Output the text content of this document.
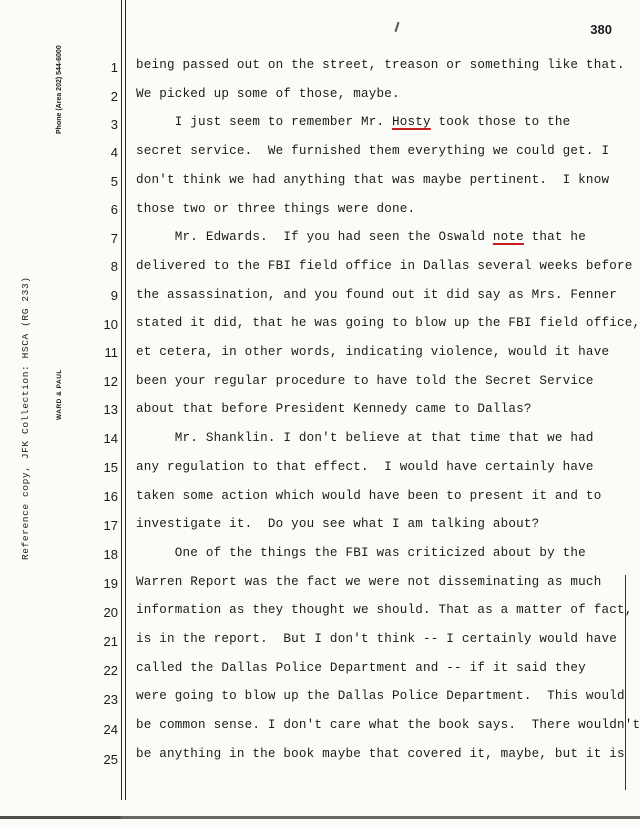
380
Phone (Area 202) 544-6000
Reference copy, JFK Collection: HSCA (RG 233)	WARD & PAUL
1
2
3
4
5
6
7
8
9
10
11
12
13
14
15
16
17
18
19
20
21
22
23
24
25
being passed out on the street, treason or something like that.
We picked up some of those, maybe.
I just seem to remember Mr. Hosty took those to the
secret service.  We furnished them everything we could get. I
don't think we had anything that was maybe pertinent.  I know
those two or three things were done.
Mr. Edwards.  If you had seen the Oswald note that he
delivered to the FBI field office in Dallas several weeks before
the assassination, and you found out it did say as Mrs. Fenner
stated it did, that he was going to blow up the FBI field office,
et cetera, in other words, indicating violence, would it have
been your regular procedure to have told the Secret Service
about that before President Kennedy came to Dallas?
Mr. Shanklin. I don't believe at that time that we had
any regulation to that effect.  I would have certainly have
taken some action which would have been to present it and to
investigate it.  Do you see what I am talking about?
One of the things the FBI was criticized about by the
Warren Report was the fact we were not disseminating as much
information as they thought we should. That as a matter of fact,
is in the report.  But I don't think -- I certainly would have
called the Dallas Police Department and -- if it said they
were going to blow up the Dallas Police Department.  This would
be common sense. I don't care what the book says.  There wouldn't
be anything in the book maybe that covered it, maybe, but it is
